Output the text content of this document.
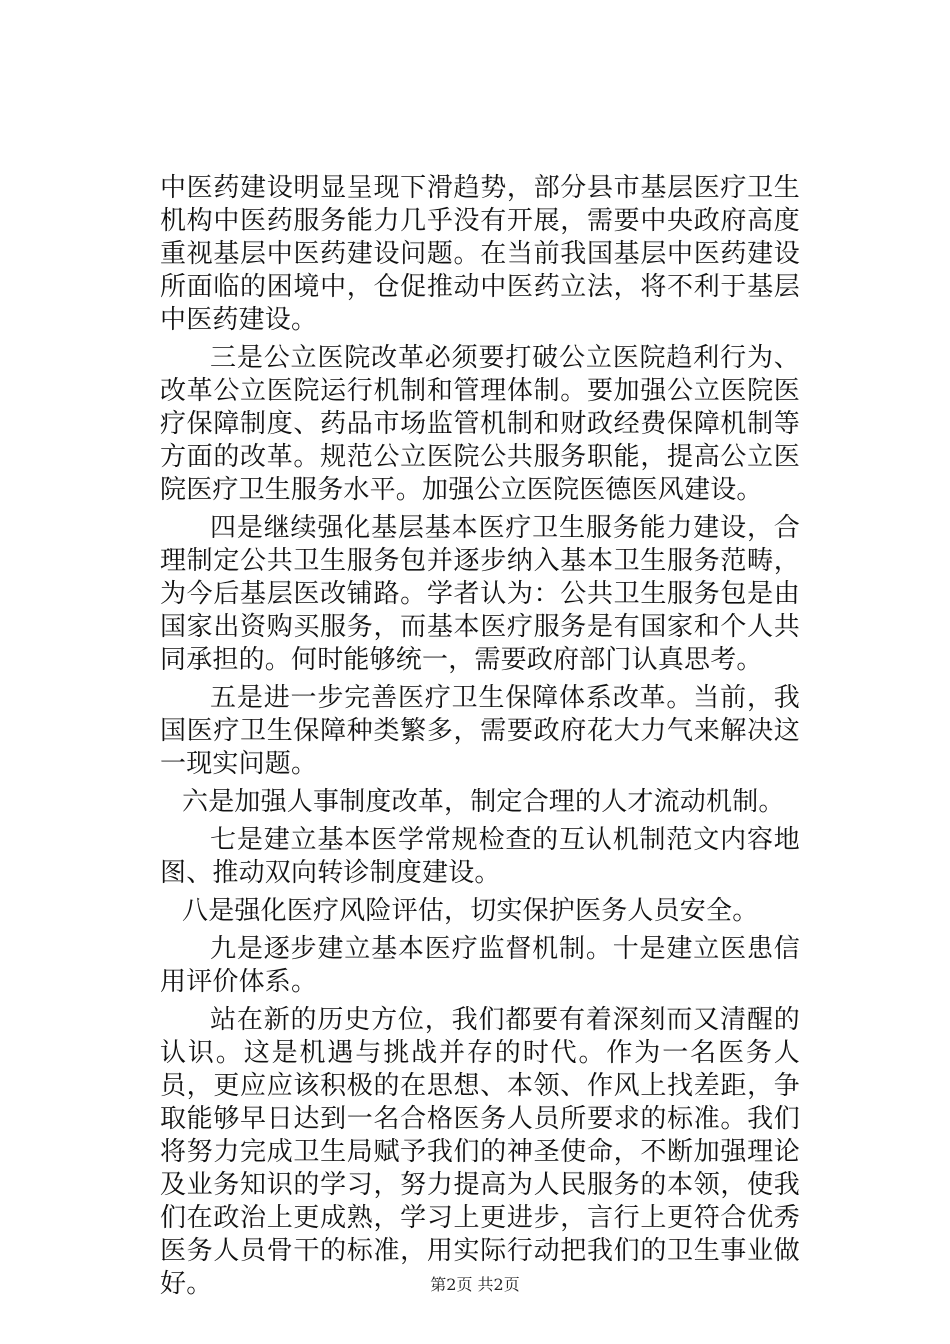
中医药建设明显呈现下滑趋势，部分县市基层医疗卫生机构中医药服务能力几乎没有开展，需要中央政府高度重视基层中医药建设问题。在当前我国基层中医药建设所面临的困境中，仓促推动中医药立法，将不利于基层中医药建设。

三是公立医院改革必须要打破公立医院趋利行为、改革公立医院运行机制和管理体制。要加强公立医院医疗保障制度、药品市场监管机制和财政经费保障机制等方面的改革。规范公立医院公共服务职能，提高公立医院医疗卫生服务水平。加强公立医院医德医风建设。

四是继续强化基层基本医疗卫生服务能力建设，合理制定公共卫生服务包并逐步纳入基本卫生服务范畴，为今后基层医改铺路。学者认为：公共卫生服务包是由国家出资购买服务，而基本医疗服务是有国家和个人共同承担的。何时能够统一，需要政府部门认真思考。

五是进一步完善医疗卫生保障体系改革。当前，我国医疗卫生保障种类繁多，需要政府花大力气来解决这一现实问题。

六是加强人事制度改革，制定合理的人才流动机制。

七是建立基本医学常规检查的互认机制范文内容地图、推动双向转诊制度建设。

八是强化医疗风险评估，切实保护医务人员安全。

九是逐步建立基本医疗监督机制。十是建立医患信用评价体系。

站在新的历史方位，我们都要有着深刻而又清醒的认识。这是机遇与挑战并存的时代。作为一名医务人员，更应应该积极的在思想、本领、作风上找差距，争取能够早日达到一名合格医务人员所要求的标准。我们将努力完成卫生局赋予我们的神圣使命，不断加强理论及业务知识的学习，努力提高为人民服务的本领，使我们在政治上更成熟，学习上更进步，言行上更符合优秀医务人员骨干的标准，用实际行动把我们的卫生事业做好。	第2页 共2页
